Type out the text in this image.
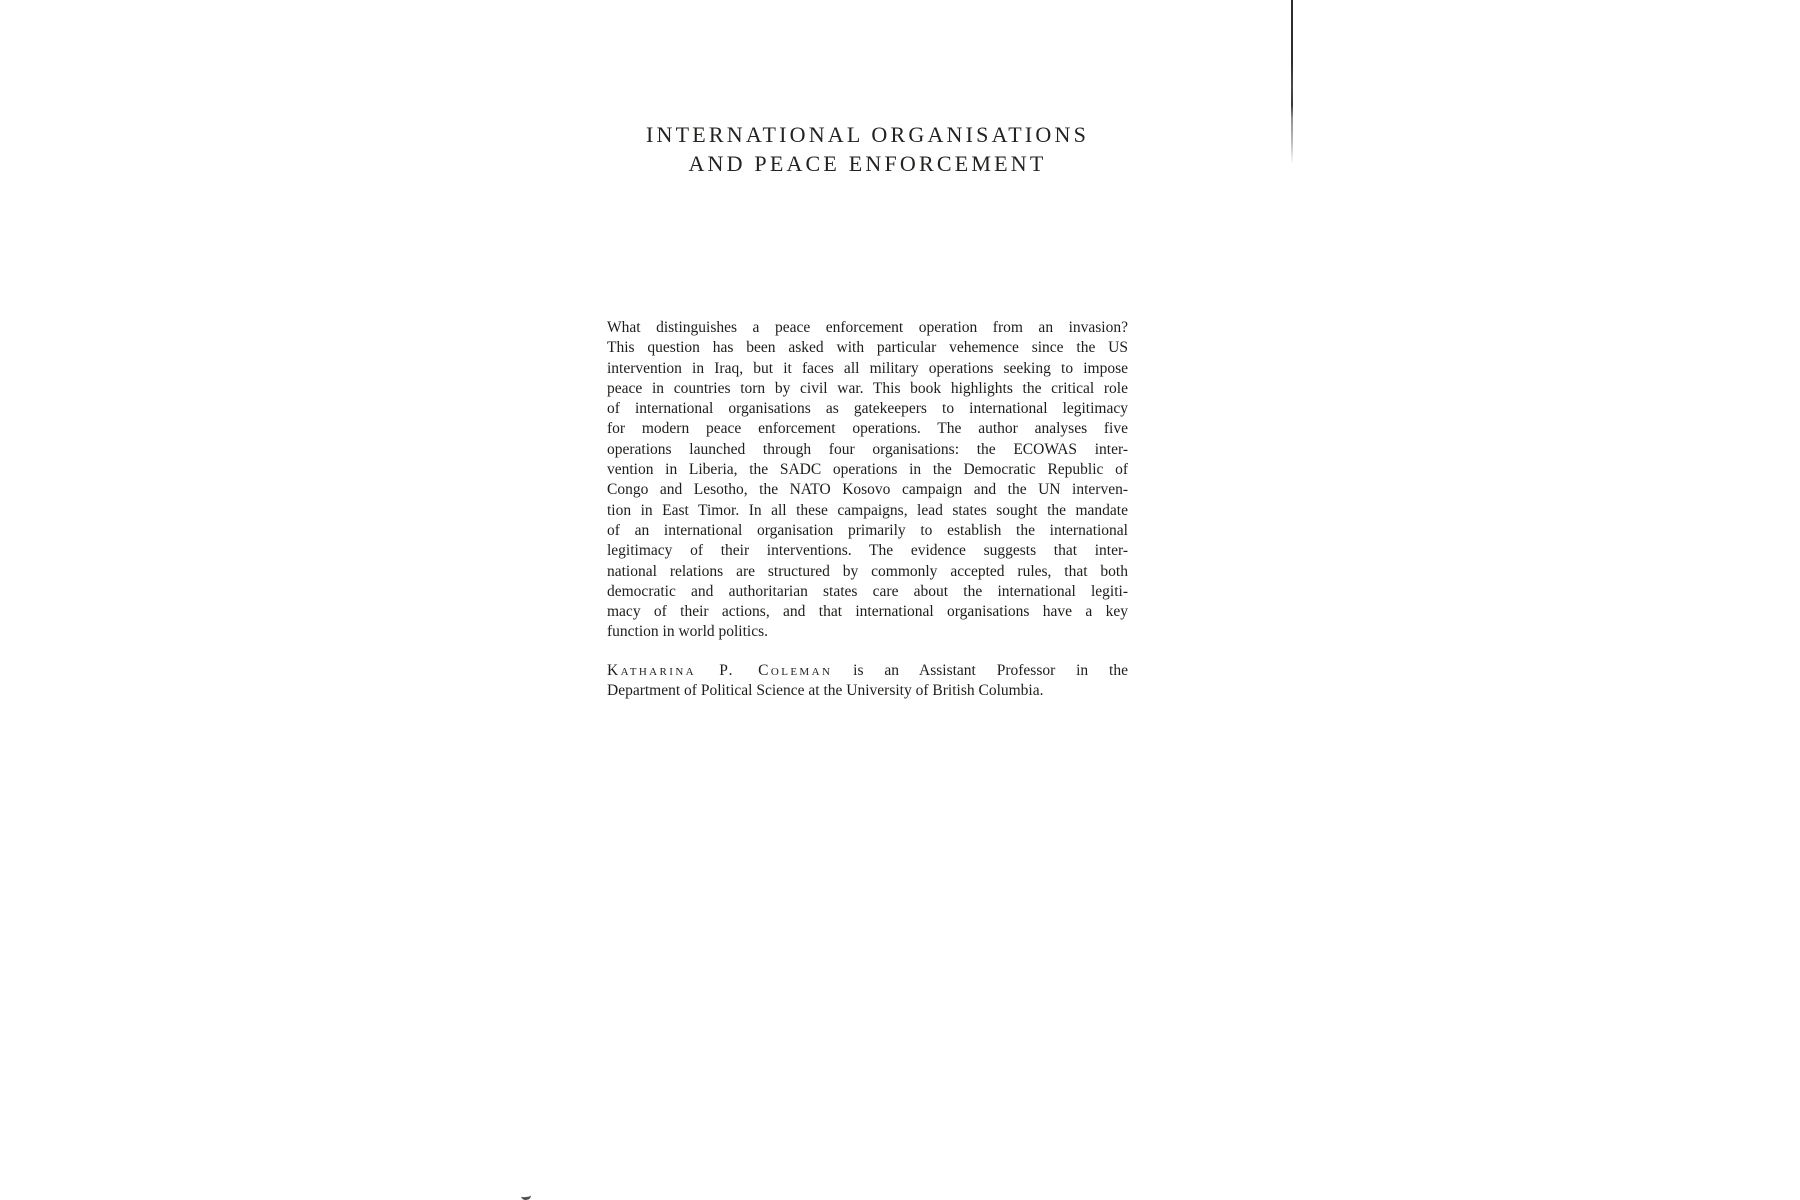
INTERNATIONAL ORGANISATIONS
AND PEACE ENFORCEMENT
What distinguishes a peace enforcement operation from an invasion?
This question has been asked with particular vehemence since the US
intervention in Iraq, but it faces all military operations seeking to impose
peace in countries torn by civil war. This book highlights the critical role
of international organisations as gatekeepers to international legitimacy
for modern peace enforcement operations. The author analyses five
operations launched through four organisations: the ECOWAS inter-
vention in Liberia, the SADC operations in the Democratic Republic of
Congo and Lesotho, the NATO Kosovo campaign and the UN interven-
tion in East Timor. In all these campaigns, lead states sought the mandate
of an international organisation primarily to establish the international
legitimacy of their interventions. The evidence suggests that inter-
national relations are structured by commonly accepted rules, that both
democratic and authoritarian states care about the international legiti-
macy of their actions, and that international organisations have a key
function in world politics.
Katharina P. Coleman is an Assistant Professor in the
Department of Political Science at the University of British Columbia.
